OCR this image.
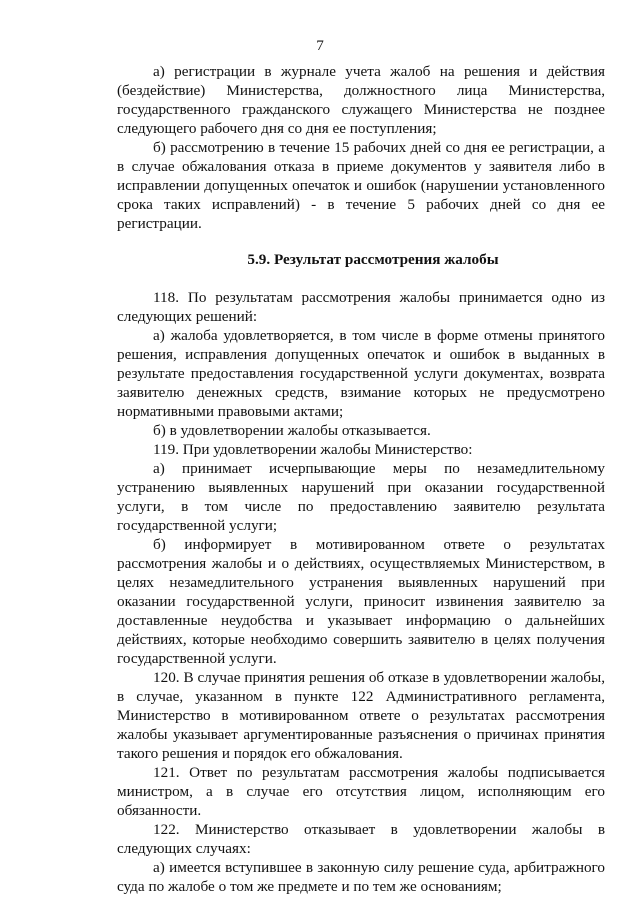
7

а) регистрации в журнале учета жалоб на решения и действия (бездействие) Министерства, должностного лица Министерства, государственного гражданского служащего Министерства не позднее следующего рабочего дня со дня ее поступления;

б) рассмотрению в течение 15 рабочих дней со дня ее регистрации, а в случае обжалования отказа в приеме документов у заявителя либо в исправлении допущенных опечаток и ошибок (нарушении установленного срока таких исправлений) - в течение 5 рабочих дней со дня ее регистрации.

5.9. Результат рассмотрения жалобы

118. По результатам рассмотрения жалобы принимается одно из следующих решений:

а) жалоба удовлетворяется, в том числе в форме отмены принятого решения, исправления допущенных опечаток и ошибок в выданных в результате предоставления государственной услуги документах, возврата заявителю денежных средств, взимание которых не предусмотрено нормативными правовыми актами;

б) в удовлетворении жалобы отказывается.

119. При удовлетворении жалобы Министерство:

а) принимает исчерпывающие меры по незамедлительному устранению выявленных нарушений при оказании государственной услуги, в том числе по предоставлению заявителю результата государственной услуги;

б) информирует в мотивированном ответе о результатах рассмотрения жалобы и о действиях, осуществляемых Министерством, в целях незамедлительного устранения выявленных нарушений при оказании государственной услуги, приносит извинения заявителю за доставленные неудобства и указывает информацию о дальнейших действиях, которые необходимо совершить заявителю в целях получения государственной услуги.

120. В случае принятия решения об отказе в удовлетворении жалобы, в случае, указанном в пункте 122 Административного регламента, Министерство в мотивированном ответе о результатах рассмотрения жалобы указывает аргументированные разъяснения о причинах принятия такого решения и порядок его обжалования.

121. Ответ по результатам рассмотрения жалобы подписывается министром, а в случае его отсутствия лицом, исполняющим его обязанности.

122. Министерство отказывает в удовлетворении жалобы в следующих случаях:

а) имеется вступившее в законную силу решение суда, арбитражного суда по жалобе о том же предмете и по тем же основаниям;
